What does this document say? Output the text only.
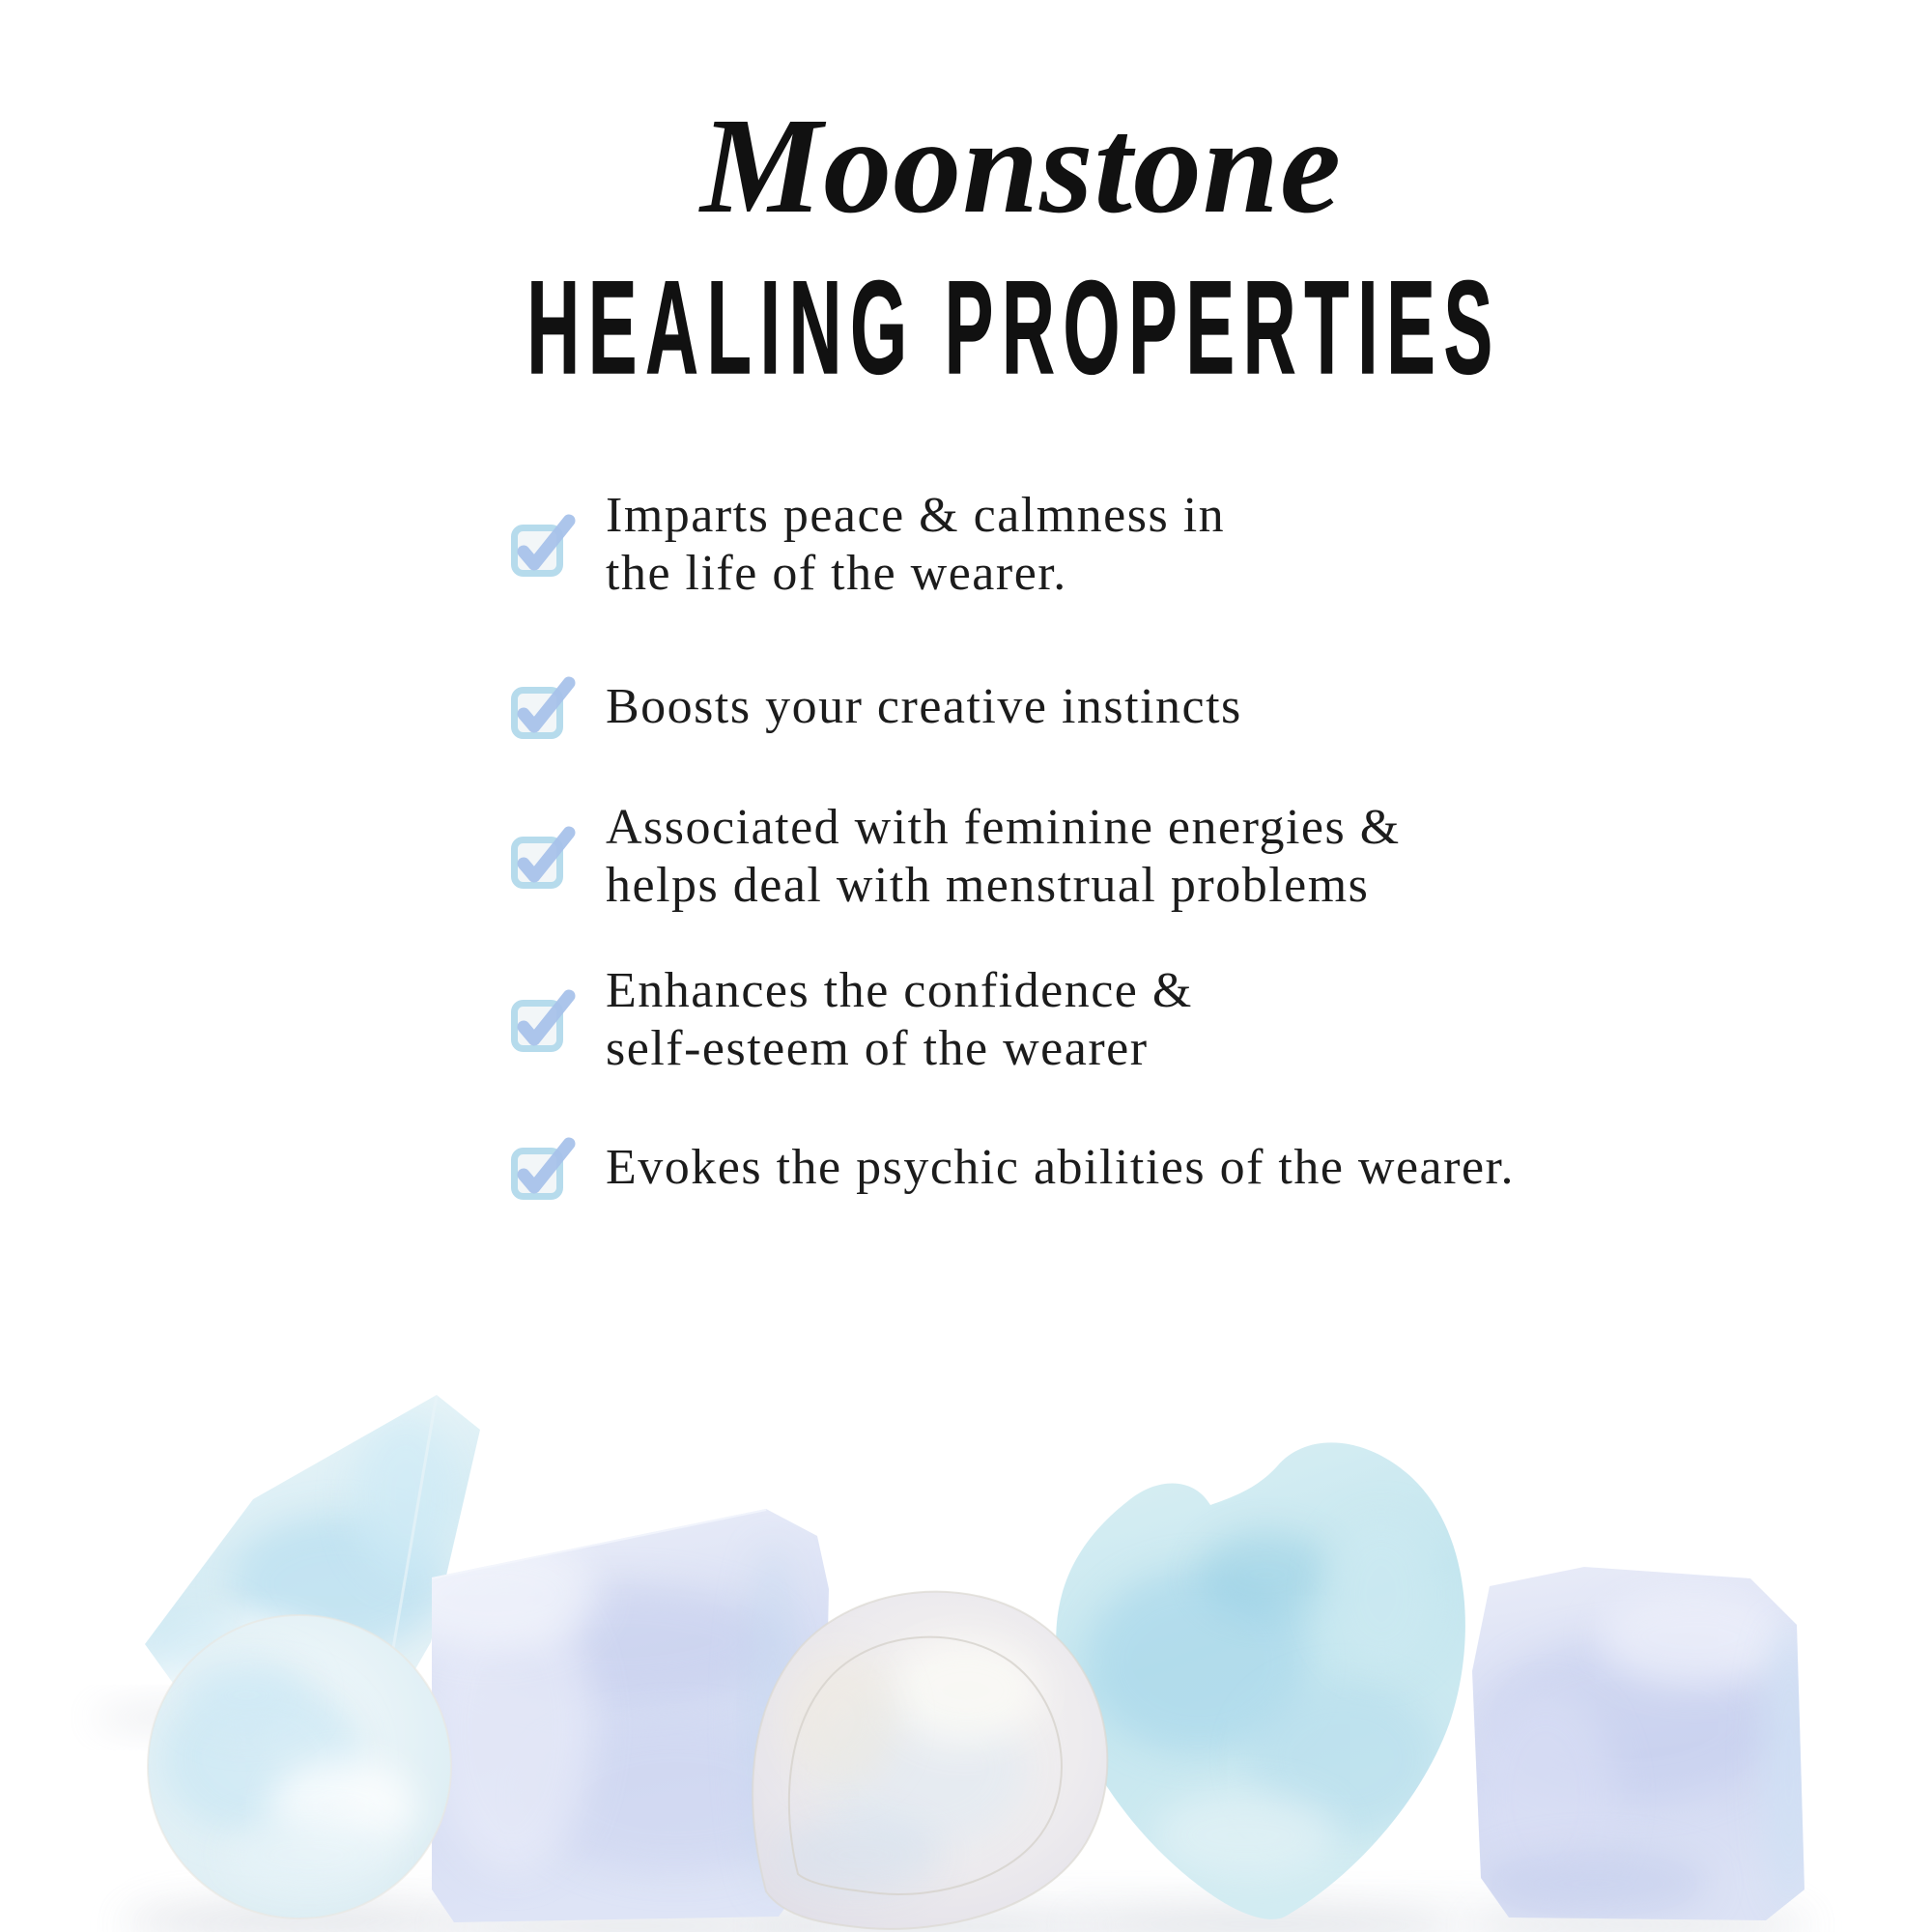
Moonstone
HEALING PROPERTIES
Imparts peace & calmness in
the life of the wearer.
Boosts your creative instincts
Associated with feminine energies &
helps deal with menstrual problems
Enhances the confidence &
self-esteem of the wearer
Evokes the psychic abilities of the wearer.
